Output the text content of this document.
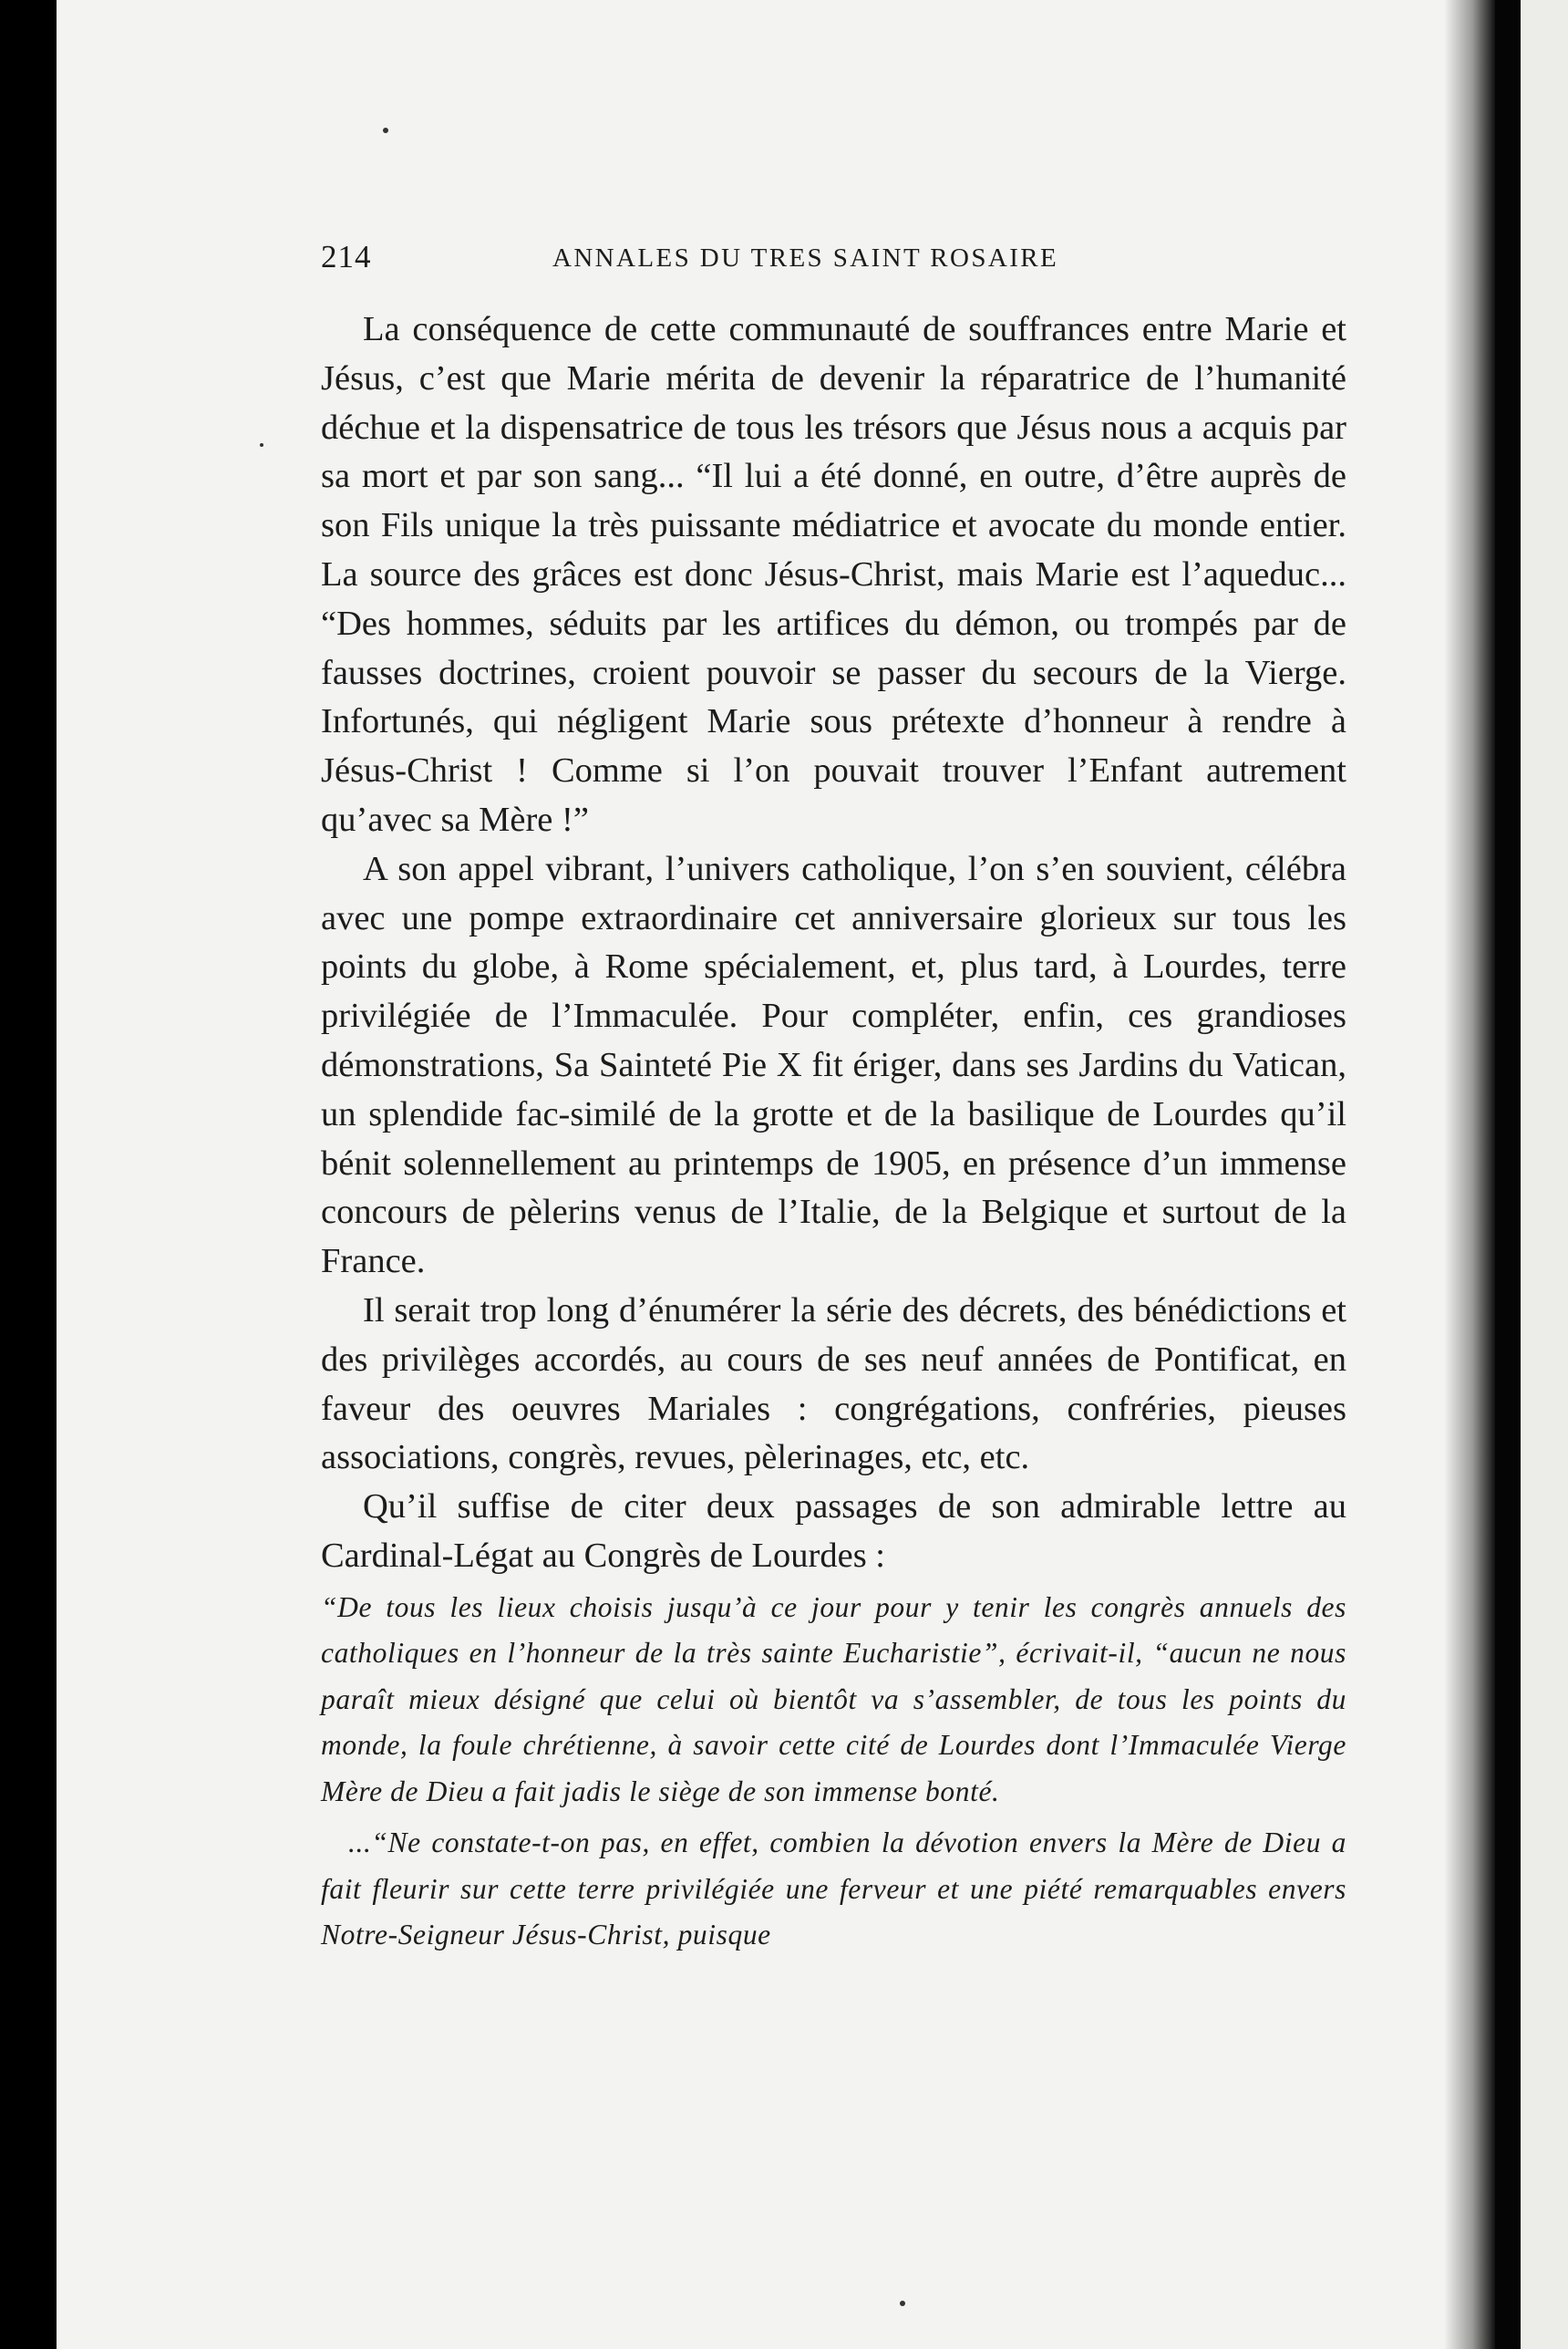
214	ANNALES DU TRES SAINT ROSAIRE

La conséquence de cette communauté de souffrances entre Marie et Jésus, c’est que Marie mérita de devenir la réparatrice de l’humanité déchue et la dispensatrice de tous les trésors que Jésus nous a acquis par sa mort et par son sang... “Il lui a été donné, en outre, d’être auprès de son Fils unique la très puissante médiatrice et avocate du monde entier. La source des grâces est donc Jésus-Christ, mais Marie est l’aqueduc... “Des hommes, séduits par les artifices du démon, ou trompés par de fausses doctrines, croient pouvoir se passer du secours de la Vierge. Infortunés, qui négligent Marie sous prétexte d’honneur à rendre à Jésus-Christ ! Comme si l’on pouvait trouver l’Enfant autrement qu’avec sa Mère !”

A son appel vibrant, l’univers catholique, l’on s’en souvient, célébra avec une pompe extraordinaire cet anniversaire glorieux sur tous les points du globe, à Rome spécialement, et, plus tard, à Lourdes, terre privilégiée de l’Immaculée. Pour compléter, enfin, ces grandioses démonstrations, Sa Sainteté Pie X fit ériger, dans ses Jardins du Vatican, un splendide fac-similé de la grotte et de la basilique de Lourdes qu’il bénit solennellement au printemps de 1905, en présence d’un immense concours de pèlerins venus de l’Italie, de la Belgique et surtout de la France.

Il serait trop long d’énumérer la série des décrets, des bénédictions et des privilèges accordés, au cours de ses neuf années de Pontificat, en faveur des oeuvres Mariales : congrégations, confréries, pieuses associations, congrès, revues, pèlerinages, etc, etc.

Qu’il suffise de citer deux passages de son admirable lettre au Cardinal-Légat au Congrès de Lourdes :

“De tous les lieux choisis jusqu’à ce jour pour y tenir les congrès annuels des catholiques en l’honneur de la très sainte Eucharistie”, écrivait-il, “aucun ne nous paraît mieux désigné que celui où bientôt va s’assembler, de tous les points du monde, la foule chrétienne, à savoir cette cité de Lourdes dont l’Immaculée Vierge Mère de Dieu a fait jadis le siège de son immense bonté.

...“Ne constate-t-on pas, en effet, combien la dévotion envers la Mère de Dieu a fait fleurir sur cette terre privilégiée une ferveur et une piété remarquables envers Notre-Seigneur Jésus-Christ, puisque
